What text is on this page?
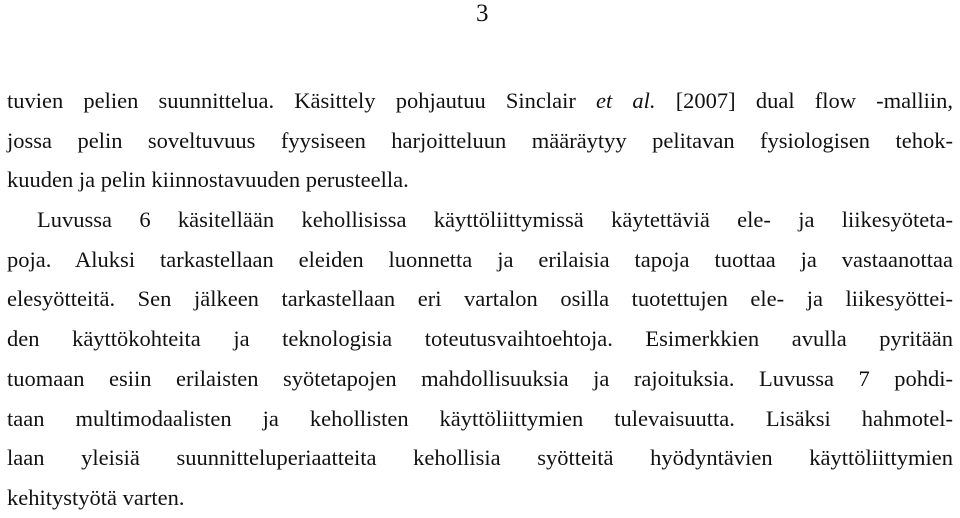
3
tuvien pelien suunnittelua. Käsittely pohjautuu Sinclair et al. [2007] dual flow -malliin,
jossa pelin soveltuvuus fyysiseen harjoitteluun määräytyy pelitavan fysiologisen tehok-
kuuden ja pelin kiinnostavuuden perusteella.
Luvussa 6 käsitellään kehollisissa käyttöliittymissä käytettäviä ele- ja liikesyötetа-
poja. Aluksi tarkastellaan eleiden luonnetta ja erilaisia tapoja tuottaa ja vastaanottaa
elesyötteitä. Sen jälkeen tarkastellaan eri vartalon osilla tuotettujen ele- ja liikesyöttei-
den käyttökohteita ja teknologisia toteutusvaihtoehtoja. Esimerkkien avulla pyritään
tuomaan esiin erilaisten syötetapojen mahdollisuuksia ja rajoituksia. Luvussa 7 pohdi-
taan multimodaalisten ja kehollisten käyttöliittymien tulevaisuutta. Lisäksi hahmotel-
laan yleisiä suunnitteluperiaatteita kehollisia syötteitä hyödyntävien käyttöliittymien
kehitystyötä varten.
